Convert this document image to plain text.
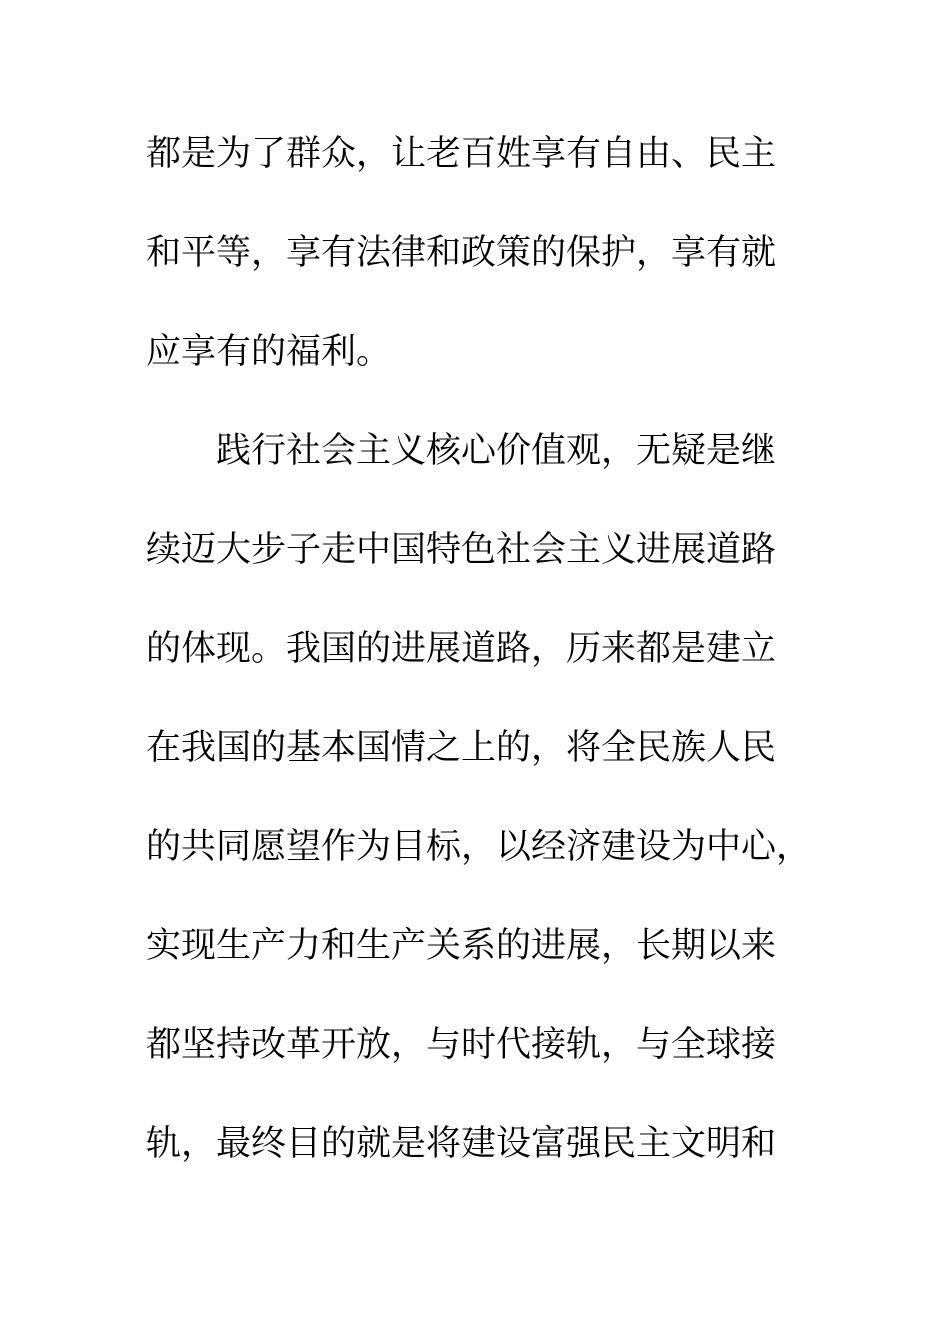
都是为了群众，让老百姓享有自由、民主
和平等，享有法律和政策的保护，享有就
应享有的福利。
践行社会主义核心价值观，无疑是继
续迈大步子走中国特色社会主义进展道路
的体现。我国的进展道路，历来都是建立
在我国的基本国情之上的，将全民族人民
的共同愿望作为目标，以经济建设为中心，
实现生产力和生产关系的进展，长期以来
都坚持改革开放，与时代接轨，与全球接
轨，最终目的就是将建设富强民主文明和
